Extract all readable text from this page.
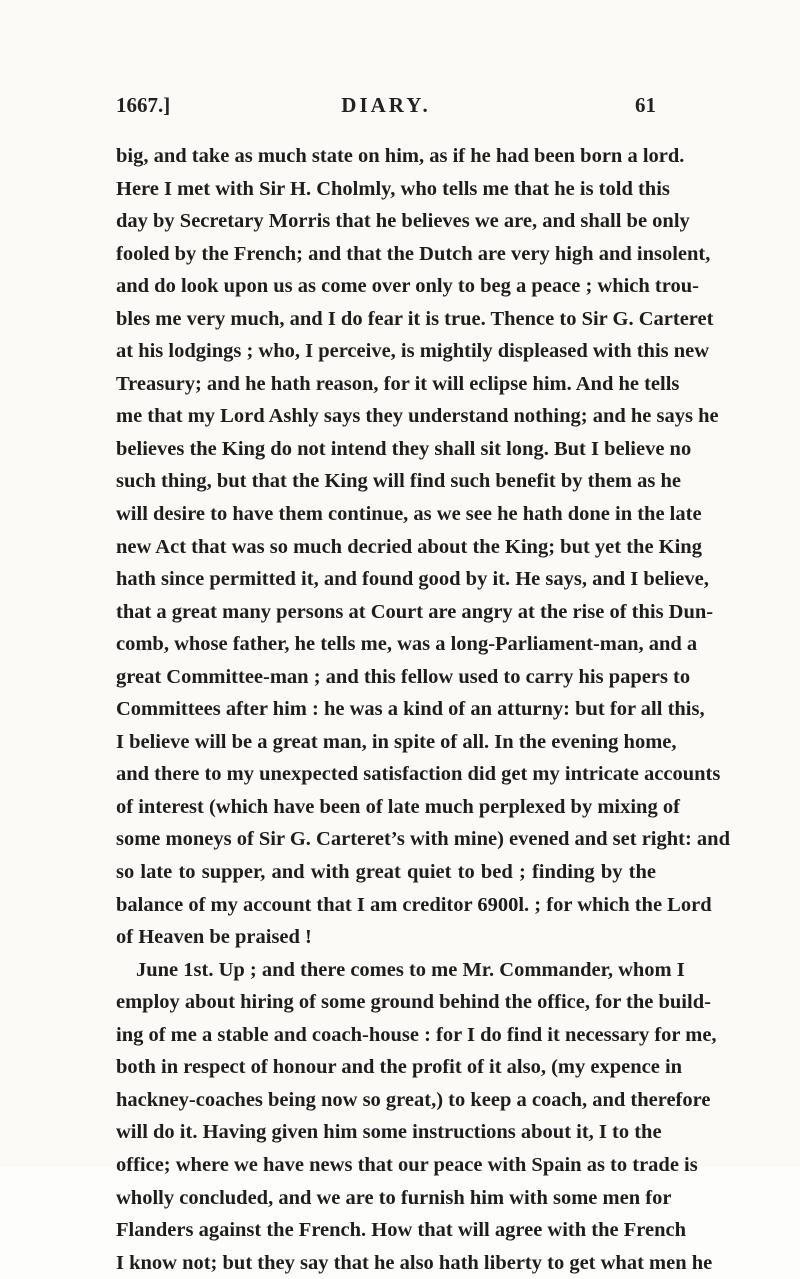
1667.]	DIARY.	61
big, and take as much state on him, as if he had been born a lord.
Here I met with Sir H. Cholmly, who tells me that he is told this
day by Secretary Morris that he believes we are, and shall be only
fooled by the French; and that the Dutch are very high and insolent,
and do look upon us as come over only to beg a peace ; which trou-
bles me very much, and I do fear it is true. Thence to Sir G. Carteret
at his lodgings ; who, I perceive, is mightily displeased with this new
Treasury; and he hath reason, for it will eclipse him. And he tells
me that my Lord Ashly says they understand nothing; and he says he
believes the King do not intend they shall sit long. But I believe no
such thing, but that the King will find such benefit by them as he
will desire to have them continue, as we see he hath done in the late
new Act that was so much decried about the King; but yet the King
hath since permitted it, and found good by it. He says, and I believe,
that a great many persons at Court are angry at the rise of this Dun-
comb, whose father, he tells me, was a long-Parliament-man, and a
great Committee-man ; and this fellow used to carry his papers to
Committees after him : he was a kind of an atturny: but for all this,
I believe will be a great man, in spite of all. In the evening home,
and there to my unexpected satisfaction did get my intricate accounts
of interest (which have been of late much perplexed by mixing of
some moneys of Sir G. Carteret’s with mine) evened and set right: and
so late to supper, and with great quiet to bed ; finding by the
balance of my account that I am creditor 6900l. ; for which the Lord
of Heaven be praised !
June 1st. Up ; and there comes to me Mr. Commander, whom I
employ about hiring of some ground behind the office, for the build-
ing of me a stable and coach-house : for I do find it necessary for me,
both in respect of honour and the profit of it also, (my expence in
hackney-coaches being now so great,) to keep a coach, and therefore
will do it. Having given him some instructions about it, I to the
office; where we have news that our peace with Spain as to trade is
wholly concluded, and we are to furnish him with some men for
Flanders against the French. How that will agree with the French
I know not; but they say that he also hath liberty to get what men he
